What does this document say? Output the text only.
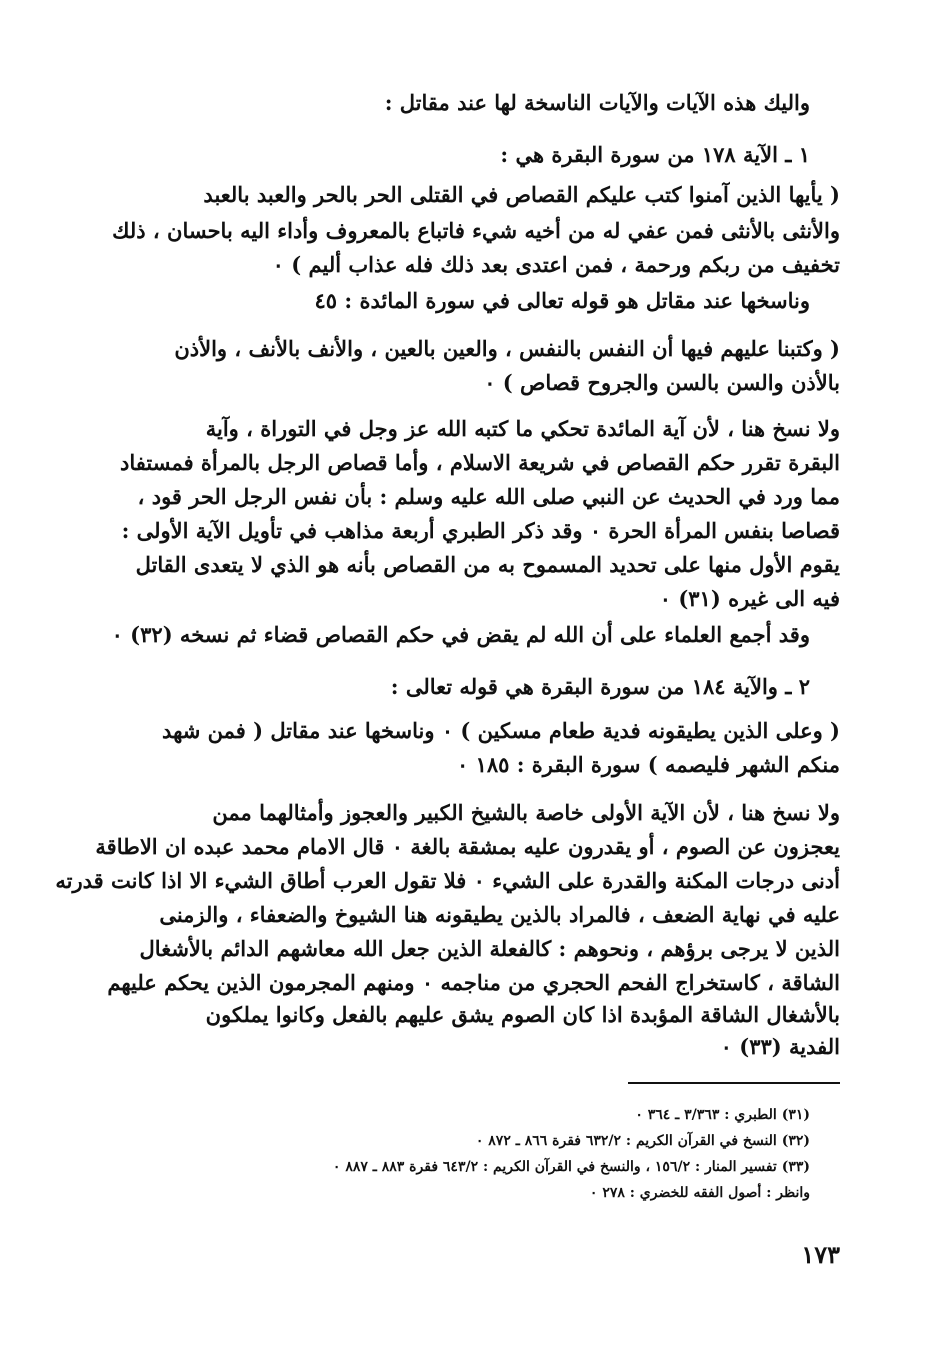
واليك هذه الآيات والآيات الناسخة لها عند مقاتل :
١ ـ الآية ١٧٨ من سورة البقرة هي :
( يأيها الذين آمنوا كتب عليكم القصاص في القتلى الحر بالحر والعبد بالعبد
والأنثى بالأنثى فمن عفي له من أخيه شيء فاتباع بالمعروف وأداء اليه باحسان ، ذلك
تخفيف من ربكم ورحمة ، فمن اعتدى بعد ذلك فله عذاب أليم ) ٠
وناسخها عند مقاتل هو قوله تعالى في سورة المائدة : ٤٥
( وكتبنا عليهم فيها أن النفس بالنفس ، والعين بالعين ، والأنف بالأنف ، والأذن
بالأذن والسن بالسن والجروح قصاص ) ٠
ولا نسخ هنا ، لأن آية المائدة تحكي ما كتبه الله عز وجل في التوراة ، وآية
البقرة تقرر حكم القصاص في شريعة الاسلام ، وأما قصاص الرجل بالمرأة فمستفاد
مما ورد في الحديث عن النبي صلى الله عليه وسلم : بأن نفس الرجل الحر قود ،
قصاصا بنفس المرأة الحرة ٠ وقد ذكر الطبري أربعة مذاهب في تأويل الآية الأولى :
يقوم الأول منها على تحديد المسموح به من القصاص بأنه هو الذي لا يتعدى القاتل
فيه الى غيره (٣١) ٠
وقد أجمع العلماء على أن الله لم يقض في حكم القصاص قضاء ثم نسخه (٣٢) ٠
٢ ـ والآية ١٨٤ من سورة البقرة هي قوله تعالى :
( وعلى الذين يطيقونه فدية طعام مسكين ) ٠ وناسخها عند مقاتل ( فمن شهد
منكم الشهر فليصمه ) سورة البقرة : ١٨٥ ٠
ولا نسخ هنا ، لأن الآية الأولى خاصة بالشيخ الكبير والعجوز وأمثالهما ممن
يعجزون عن الصوم ، أو يقدرون عليه بمشقة بالغة ٠ قال الامام محمد عبده ان الاطاقة
أدنى درجات المكنة والقدرة على الشيء ٠ فلا تقول العرب أطاق الشيء الا اذا كانت قدرته
عليه في نهاية الضعف ، فالمراد بالذين يطيقونه هنا الشيوخ والضعفاء ، والزمنى
الذين لا يرجى برؤهم ، ونحوهم : كالفعلة الذين جعل الله معاشهم الدائم بالأشغال
الشاقة ، كاستخراج الفحم الحجري من مناجمه ٠ ومنهم المجرمون الذين يحكم عليهم
بالأشغال الشاقة المؤبدة اذا كان الصوم يشق عليهم بالفعل وكانوا يملكون
الفدية (٣٣) ٠
(٣١) الطبري : ٣/٣٦٣ ـ ٣٦٤ ٠
(٣٢) النسخ في القرآن الكريم : ٦٣٢/٢ فقرة ٨٦٦ ـ ٨٧٢ ٠
(٣٣) تفسير المنار : ١٥٦/٢ ، والنسخ في القرآن الكريم : ٦٤٣/٢ فقرة ٨٨٣ ـ ٨٨٧ ٠
وانظر : أصول الفقه للخضري : ٢٧٨ ٠
١٧٣
